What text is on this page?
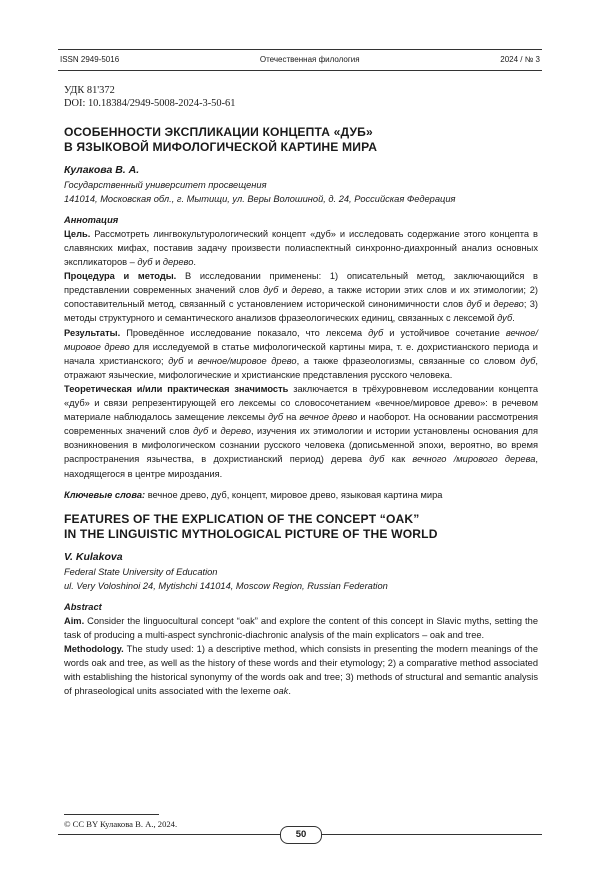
ISSN 2949-5016	Отечественная филология	2024 / № 3
УДК 81'372
DOI: 10.18384/2949-5008-2024-3-50-61
ОСОБЕННОСТИ ЭКСПЛИКАЦИИ КОНЦЕПТА «ДУБ»
В ЯЗЫКОВОЙ МИФОЛОГИЧЕСКОЙ КАРТИНЕ МИРА
Кулакова В. А.
Государственный университет просвещения
141014, Московская обл., г. Мытищи, ул. Веры Волошиной, д. 24, Российская Федерация
Аннотация

Цель. Рассмотреть лингвокультурологический концепт «дуб» и исследовать содержание этого концепта в славянских мифах, поставив задачу произвести полиаспектный синхронно-диахронный анализ основных экспликаторов – дуб и дерево.

Процедура и методы. В исследовании применены: 1) описательный метод, заключающийся в представлении современных значений слов дуб и дерево, а также истории этих слов и их этимологии; 2) сопоставительный метод, связанный с установлением исторической синонимичности слов дуб и дерево; 3) методы структурного и семантического анализов фразеологических единиц, связанных с лексемой дуб.

Результаты. Проведённое исследование показало, что лексема дуб и устойчивое сочетание вечное/мировое древо для исследуемой в статье мифологической картины мира, т. е. дохристианского периода и начала христианского; дуб и вечное/мировое древо, а также фразеологизмы, связанные со словом дуб, отражают языческие, мифологические и христианские представления русского человека.

Теоретическая и/или практическая значимость заключается в трёхуровневом исследовании концепта «дуб» и связи репрезентирующей его лексемы со словосочетанием «вечное/мировое древо»: в речевом материале наблюдалось замещение лексемы дуб на вечное древо и наоборот. На основании рассмотрения современных значений слов дуб и дерево, изучения их этимологии и истории установлены основания для возникновения в мифологическом сознании русского человека (дописьменной эпохи, вероятно, во время распространения язычества, в дохристианский период) дерева дуб как вечного /мирового дерева, находящегося в центре мироздания.

Ключевые слова: вечное древо, дуб, концепт, мировое древо, языковая картина мира

FEATURES OF THE EXPLICATION OF THE CONCEPT “OAK”
IN THE LINGUISTIC MYTHOLOGICAL PICTURE OF THE WORLD
V. Kulakova
Federal State University of Education
ul. Very Voloshinoi 24, Mytishchi 141014, Moscow Region, Russian Federation
Abstract

Aim. Consider the linguocultural concept “oak” and explore the content of this concept in Slavic myths, setting the task of producing a multi-aspect synchronic-diachronic analysis of the main explicators – oak and tree.

Methodology. The study used: 1) a descriptive method, which consists in presenting the modern meanings of the words oak and tree, as well as the history of these words and their etymology; 2) a comparative method associated with establishing the historical synonymy of the words oak and tree; 3) methods of structural and semantic analysis of phraseological units associated with the lexeme oak.

© CC BY Кулакова В. А., 2024.
50
